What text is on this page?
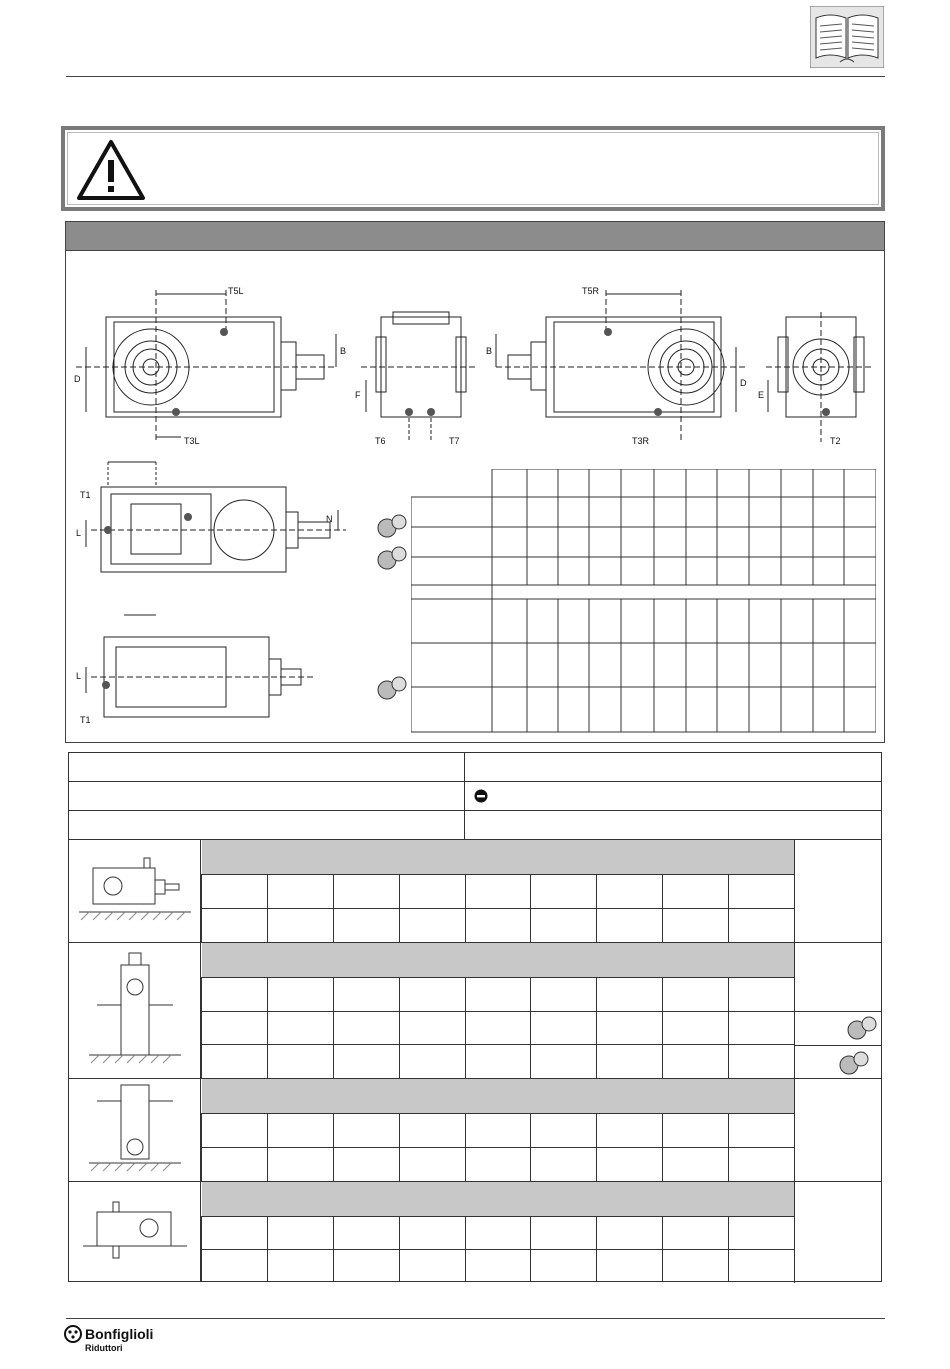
T5L
T3L
B
D
F
T6	T7
T5R
T3R
B
D
E
T2
T1
L
N
L
T1

Bonfiglioli
Riduttori
